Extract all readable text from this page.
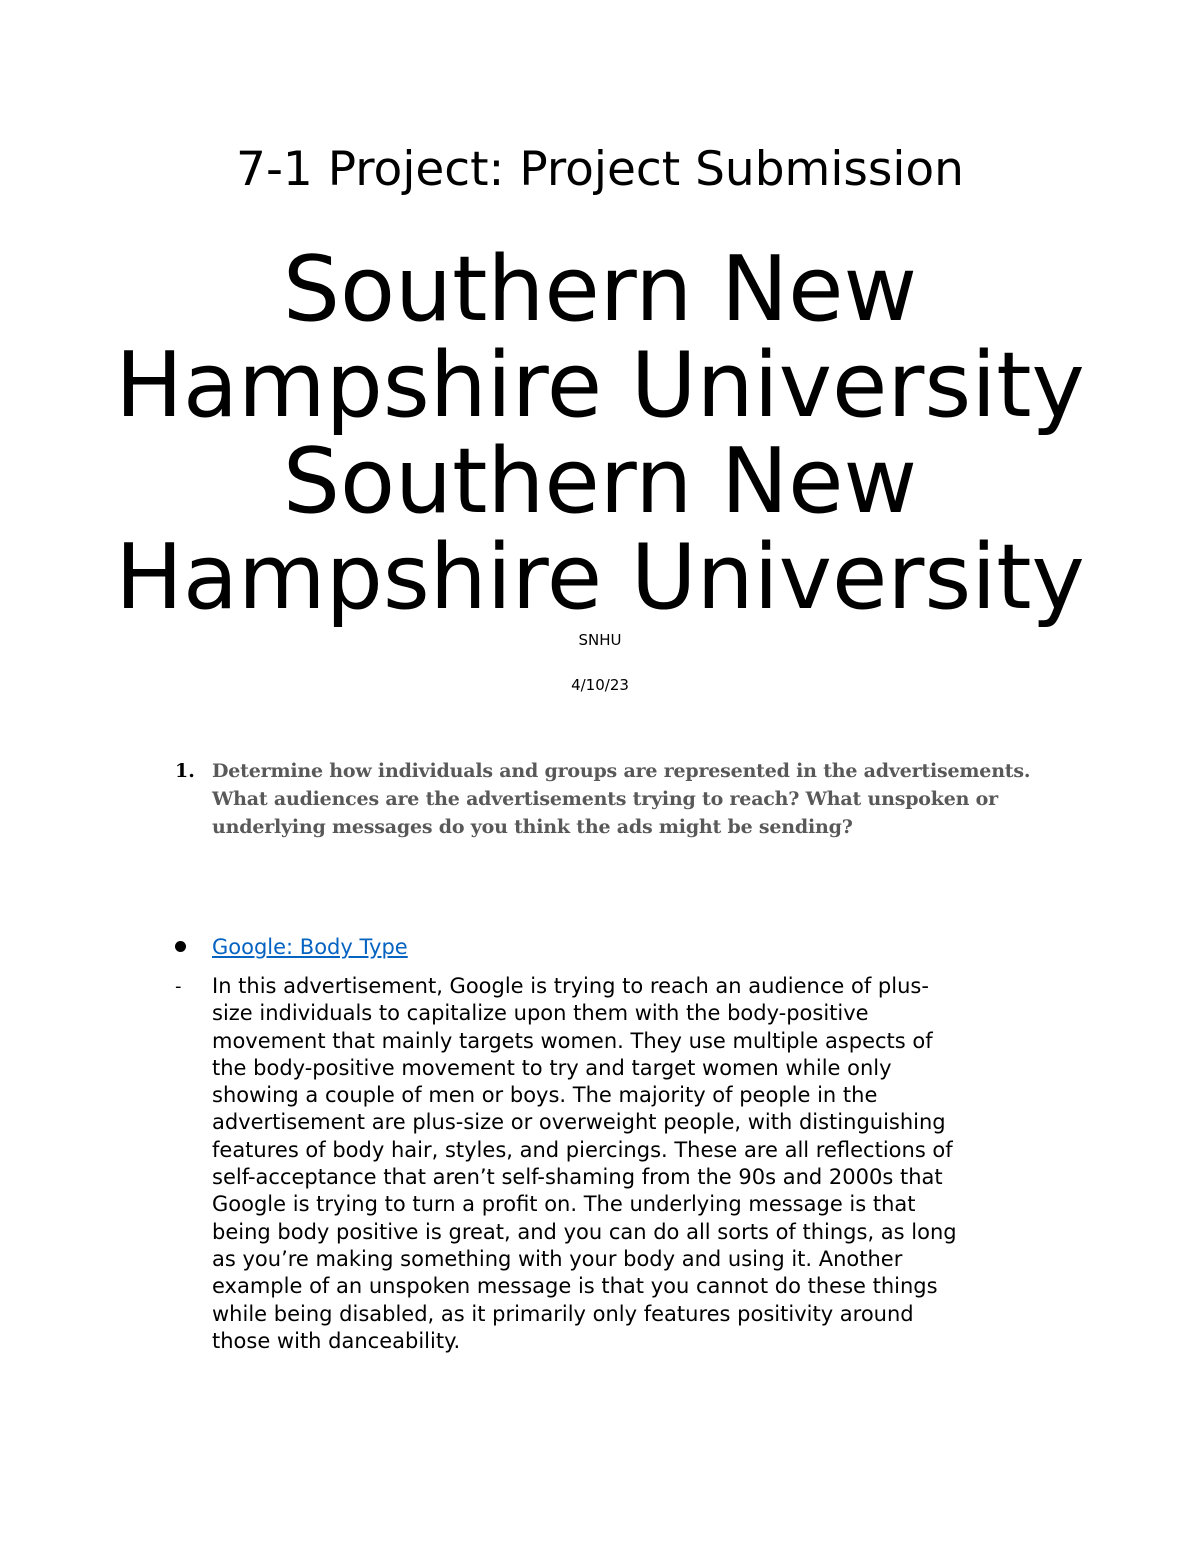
7-1 Project: Project Submission
Southern New
Hampshire University
Southern New
Hampshire University
SNHU
4/10/23
1. Determine how individuals and groups are represented in the advertisements. What audiences are the advertisements trying to reach? What unspoken or underlying messages do you think the ads might be sending?
Google: Body Type
- In this advertisement, Google is trying to reach an audience of plus-
size individuals to capitalize upon them with the body-positive
movement that mainly targets women. They use multiple aspects of
the body-positive movement to try and target women while only
showing a couple of men or boys. The majority of people in the
advertisement are plus-size or overweight people, with distinguishing
features of body hair, styles, and piercings. These are all reflections of
self-acceptance that aren’t self-shaming from the 90s and 2000s that
Google is trying to turn a profit on. The underlying message is that
being body positive is great, and you can do all sorts of things, as long
as you’re making something with your body and using it. Another
example of an unspoken message is that you cannot do these things
while being disabled, as it primarily only features positivity around
those with danceability.
